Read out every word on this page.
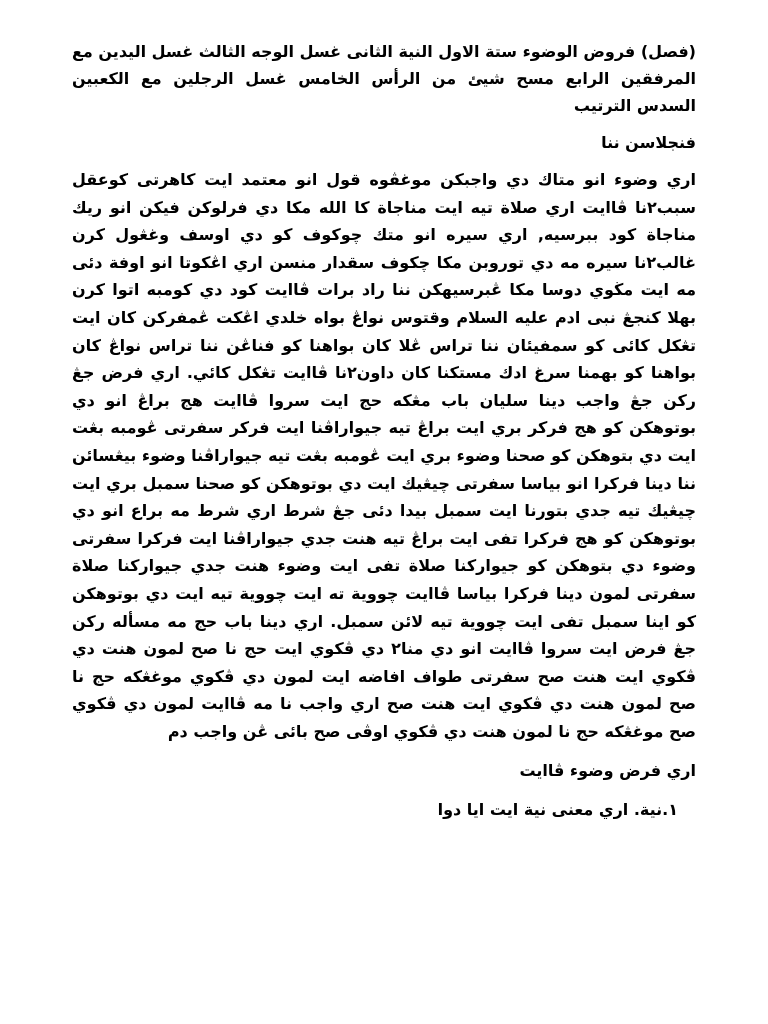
(فصل) فروض الوضوء ستة الاول النية الثانى غسل الوجه الثالث غسل اليدين مع المرفقين الرابع مسح شيئ من الرأس الخامس غسل الرجلين مع الكعبين السدس الترتيب

فنجلاسن ننا

اري وضوء انو متاك دي واجبكن موغڤوه قول انو معتمد ايت كاهرتى كوعقل سبب٢نا ڤاايت اري صلاة تيه ايت مناجاة كا الله مكا دي فرلوكن فيكن انو ريك مناجاة كود ببرسيه, اري سيره انو متك چوكوف كو دي اوسف وغڠول كرن غالب٢نا سيره مه دي توروبن مكا چكوف سقدار منسن اري اڠكوتا انو اوفة دئى مه ايت مڬوي دوسا مكا ڠبرسيهكن ننا راد برات ڤاايت كود دي كومبه اتوا كرن بهلا كنجڠ نبى ادم عليه السلام وقتوس نواڠ بواه خلدي اڠكت ڠمفركن كان ايت تڠكل كائى كو سمفيئان ننا تراس ڠلا كان بواهنا كو فناڠن ننا تراس نواڠ كان بواهنا كو بهمنا سرغ ادك مستكنا كان داون٢نا ڤاايت تڠكل كائي. اري فرض جڠ ركن جڠ واجب دينا سليان باب مڠكه حج ايت سروا ڤاايت هج براڠ انو دي بوتوهكن كو هج فركر بري ايت براڠ تيه جيواراڤنا ايت فركر سفرتى ڠومبه بڠت ايت دي بتوهكن كو صحنا وضوء بري ايت ڠومبه بڠت تيه جيواراڤنا وضوء بيڠسائن ننا دينا فركرا انو بياسا سفرتى چيڠيك ايت دي بوتوهكن كو صحنا سمبل بري ايت چيڠيك تيه جدي بتورنا ايت سمبل بيدا دئى جڠ شرط اري شرط مه براع انو دي بوتوهكن كو هج فركرا تفى ايت براڠ تيه هنت جدي جيواراڤنا ايت فركرا سفرتى وضوء دي بتوهكن كو جيواركنا صلاة تفى ايت وضوء هنت جدي جيواركنا صلاة سفرتى لمون دينا فركرا بياسا ڤاايت چووية ته ايت چووية تيه ايت دي بوتوهكن كو اينا سمبل تفى ايت چووية تيه لائن سمبل. اري دينا باب حج مه مسأله ركن جڠ فرض ايت سروا ڤاايت انو دي منا٢ دي ڤكوي ايت حج نا صح لمون هنت دي ڤكوي ايت هنت صح سفرتى طواف افاضه ايت لمون دي ڤكوي موغڠكه حج نا صح لمون هنت دي ڤكوي ايت هنت صح اري واجب نا مه ڤاايت لمون دي ڤكوي صح موغڠكه حج نا لمون هنت دي ڤكوي اوڤى صح بائى ڠن واجب دم

اري فرض وضوء ڤاايت

١.نية. اري معنى نية ايت ايا دوا
